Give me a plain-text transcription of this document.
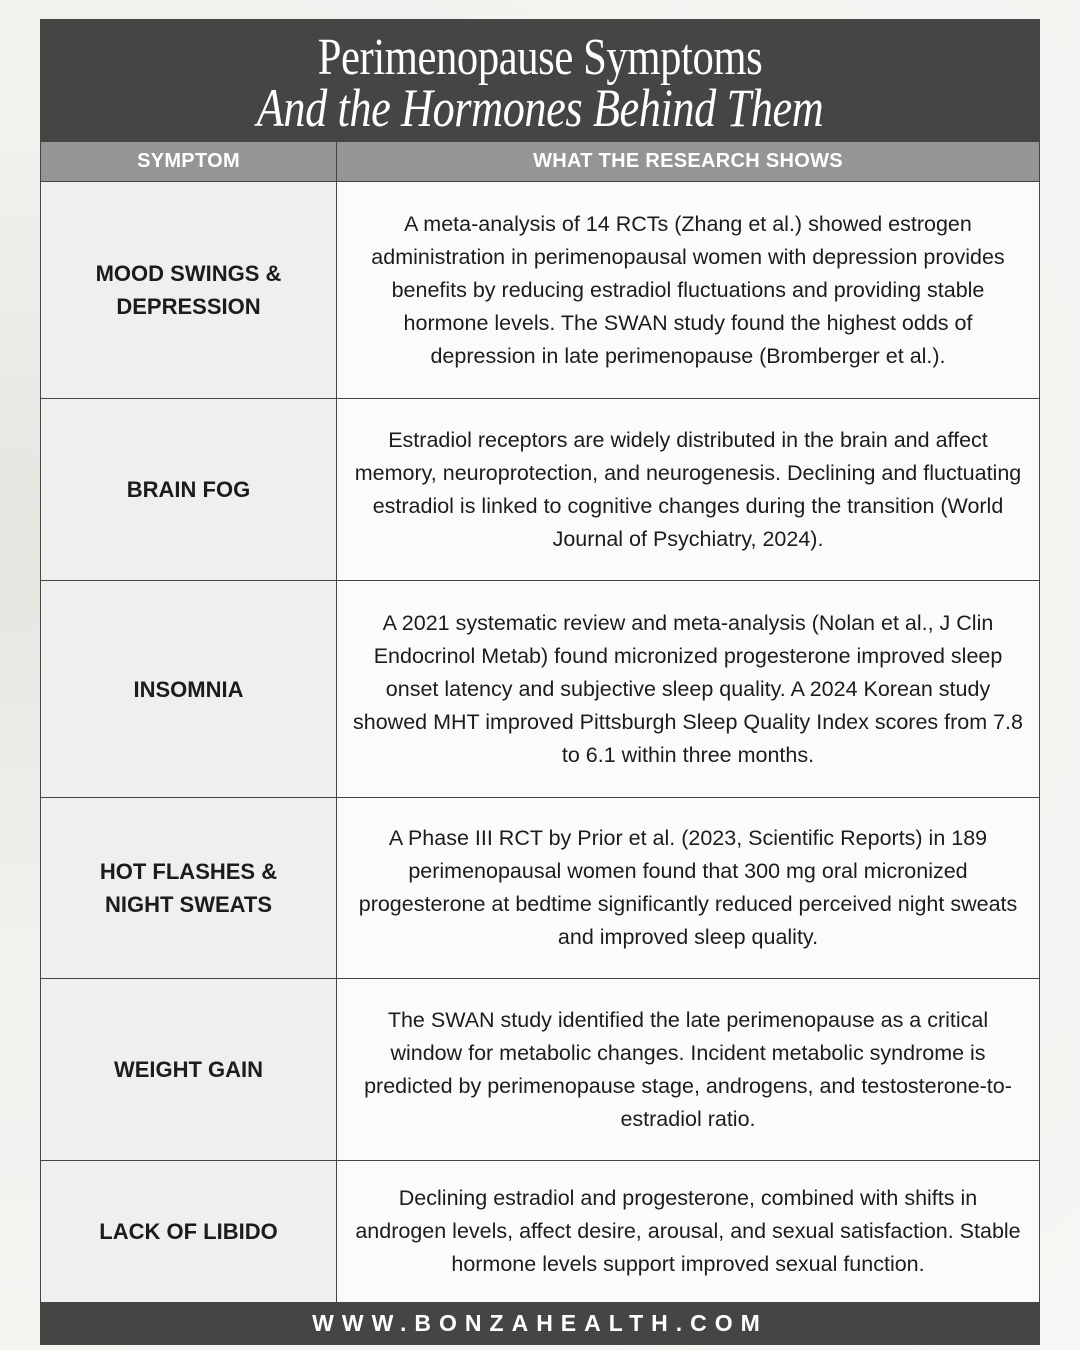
Perimenopause Symptoms
And the Hormones Behind Them
SYMPTOM	WHAT THE RESEARCH SHOWS
MOOD SWINGS &
DEPRESSION
A meta-analysis of 14 RCTs (Zhang et al.) showed estrogen administration in perimenopausal women with depression provides benefits by reducing estradiol fluctuations and providing stable hormone levels. The SWAN study found the highest odds of depression in late perimenopause (Bromberger et al.).
BRAIN FOG
Estradiol receptors are widely distributed in the brain and affect memory, neuroprotection, and neurogenesis. Declining and fluctuating estradiol is linked to cognitive changes during the transition (World Journal of Psychiatry, 2024).
INSOMNIA
A 2021 systematic review and meta-analysis (Nolan et al., J Clin Endocrinol Metab) found micronized progesterone improved sleep onset latency and subjective sleep quality. A 2024 Korean study showed MHT improved Pittsburgh Sleep Quality Index scores from 7.8 to 6.1 within three months.
HOT FLASHES &
NIGHT SWEATS
A Phase III RCT by Prior et al. (2023, Scientific Reports) in 189 perimenopausal women found that 300 mg oral micronized progesterone at bedtime significantly reduced perceived night sweats and improved sleep quality.
WEIGHT GAIN
The SWAN study identified the late perimenopause as a critical window for metabolic changes. Incident metabolic syndrome is predicted by perimenopause stage, androgens, and testosterone-to-estradiol ratio.
LACK OF LIBIDO
Declining estradiol and progesterone, combined with shifts in androgen levels, affect desire, arousal, and sexual satisfaction. Stable hormone levels support improved sexual function.
WWW.BONZAHEALTH.COM
